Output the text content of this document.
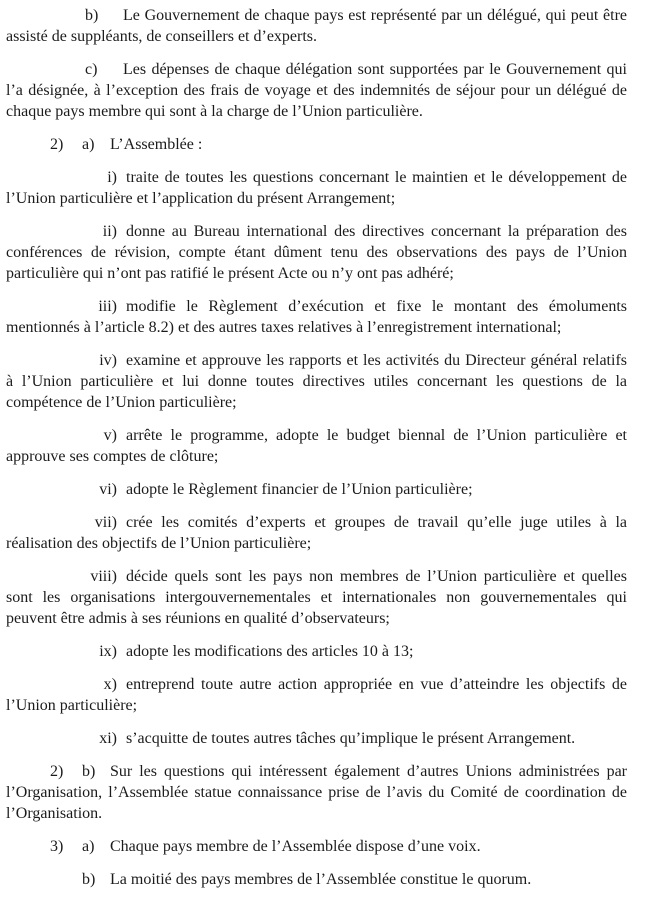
b) Le Gouvernement de chaque pays est représenté par un délégué, qui peut être assisté de suppléants, de conseillers et d’experts.

c) Les dépenses de chaque délégation sont supportées par le Gouvernement qui l’a désignée, à l’exception des frais de voyage et des indemnités de séjour pour un délégué de chaque pays membre qui sont à la charge de l’Union particulière.

2) a) L’Assemblée :

i) traite de toutes les questions concernant le maintien et le développement de l’Union particulière et l’application du présent Arrangement;

ii) donne au Bureau international des directives concernant la préparation des conférences de révision, compte étant dûment tenu des observations des pays de l’Union particulière qui n’ont pas ratifié le présent Acte ou n’y ont pas adhéré;

iii) modifie le Règlement d’exécution et fixe le montant des émoluments mentionnés à l’article 8.2) et des autres taxes relatives à l’enregistrement international;

iv) examine et approuve les rapports et les activités du Directeur général relatifs à l’Union particulière et lui donne toutes directives utiles concernant les questions de la compétence de l’Union particulière;

v) arrête le programme, adopte le budget biennal de l’Union particulière et approuve ses comptes de clôture;

vi) adopte le Règlement financier de l’Union particulière;

vii) crée les comités d’experts et groupes de travail qu’elle juge utiles à la réalisation des objectifs de l’Union particulière;

viii) décide quels sont les pays non membres de l’Union particulière et quelles sont les organisations intergouvernementales et internationales non gouvernementales qui peuvent être admis à ses réunions en qualité d’observateurs;

ix) adopte les modifications des articles 10 à 13;

x) entreprend toute autre action appropriée en vue d’atteindre les objectifs de l’Union particulière;

xi) s’acquitte de toutes autres tâches qu’implique le présent Arrangement.

2) b) Sur les questions qui intéressent également d’autres Unions administrées par l’Organisation, l’Assemblée statue connaissance prise de l’avis du Comité de coordination de l’Organisation.

3) a) Chaque pays membre de l’Assemblée dispose d’une voix.

b) La moitié des pays membres de l’Assemblée constitue le quorum.
